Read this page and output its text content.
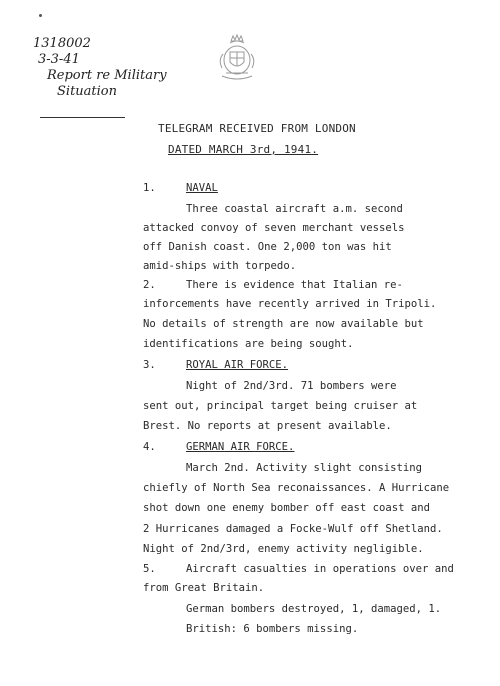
1318002
3-3-41
Report re Military
Situation
TELEGRAM RECEIVED FROM LONDON
DATED MARCH 3rd, 1941.
1.	NAVAL
Three coastal aircraft a.m. second
attacked convoy of seven merchant vessels
off Danish coast. One 2,000 ton was hit
amid-ships with torpedo.
2.	There is evidence that Italian re-
inforcements have recently arrived in Tripoli.
No details of strength are now available but
identifications are being sought.
3.	ROYAL AIR FORCE.
Night of 2nd/3rd. 71 bombers were
sent out, principal target being cruiser at
Brest. No reports at present available.
4.	GERMAN AIR FORCE.
March 2nd. Activity slight consisting
chiefly of North Sea reconaissances. A Hurricane
shot down one enemy bomber off east coast and
2 Hurricanes damaged a Focke-Wulf off Shetland.
Night of 2nd/3rd, enemy activity negligible.
5.	Aircraft casualties in operations over and
from Great Britain.
German bombers destroyed, 1, damaged, 1.
British: 6 bombers missing.
